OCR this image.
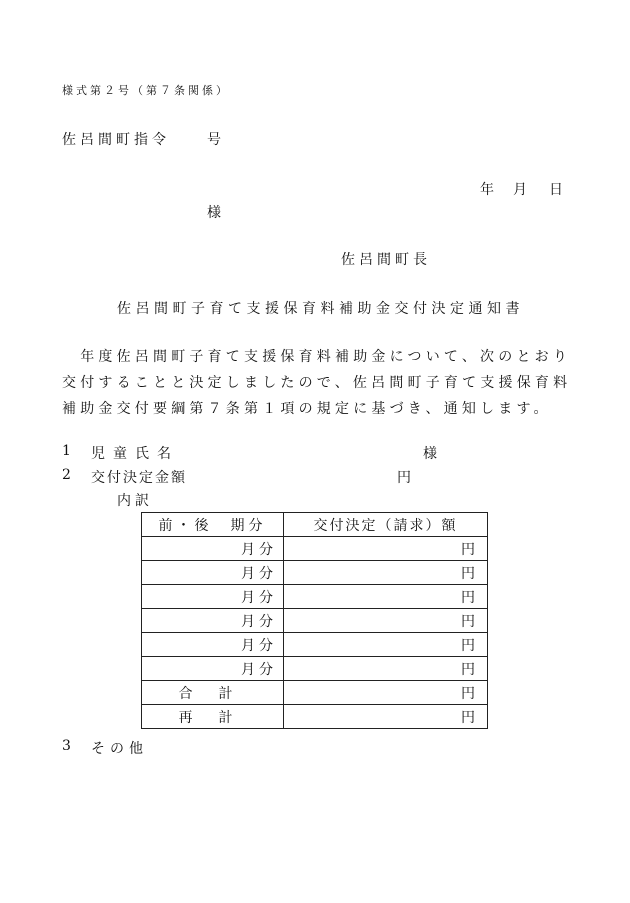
様式第２号（第７条関係）
佐呂間町指令	号
年 月 日
様
佐呂間町長
佐呂間町子育て支援保育料補助金交付決定通知書
　年度佐呂間町子育て支援保育料補助金について、次のとおり
交付することと決定しましたので、佐呂間町子育て支援保育料
補助金交付要綱第７条第１項の規定に基づき、通知します。
1 児童氏名	様
2 交付決定金額	円
内訳
前・後　期分	交付決定（請求）額
月分	円
月分	円
月分	円
月分	円
月分	円
月分	円
合計	円
再計	円
3 その他
